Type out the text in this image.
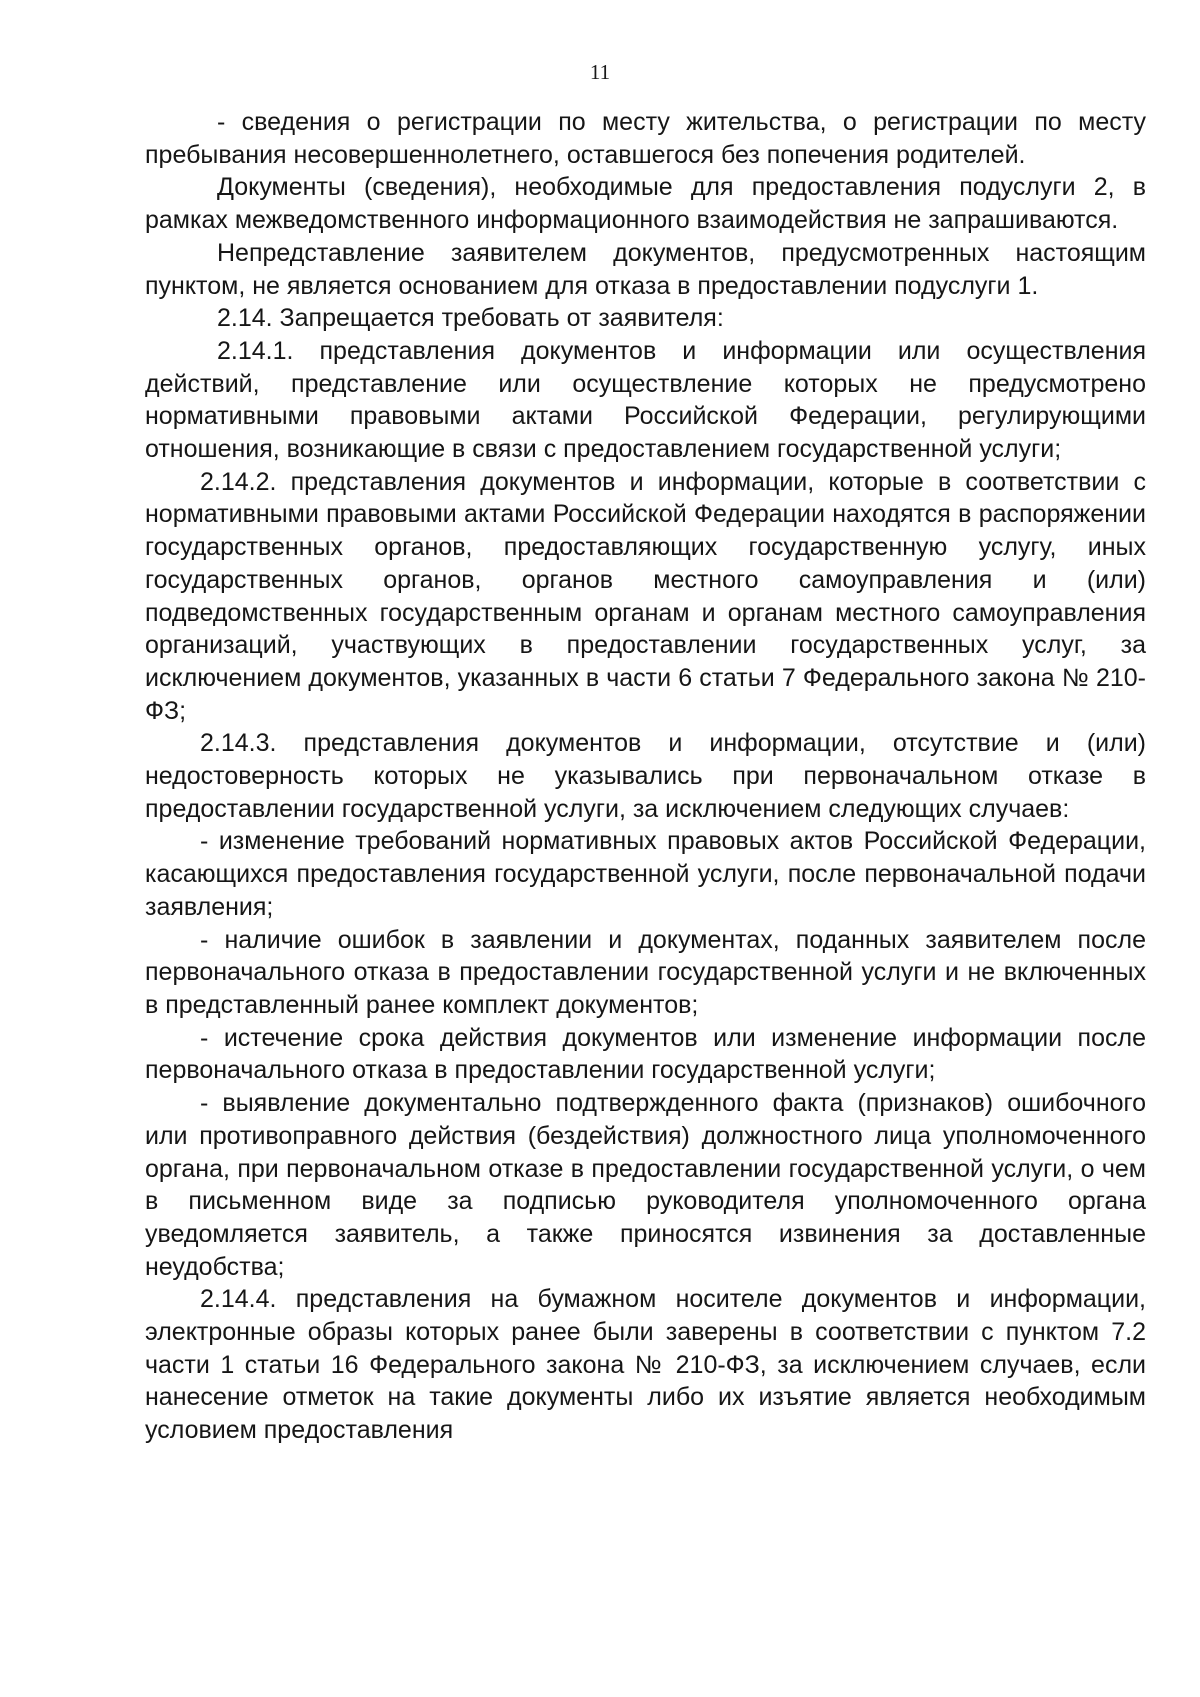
11

- сведения о регистрации по месту жительства, о регистрации по месту пребывания несовершеннолетнего, оставшегося без попечения родителей.

Документы (сведения), необходимые для предоставления подуслуги 2, в рамках межведомственного информационного взаимодействия не запрашиваются.

Непредставление заявителем документов, предусмотренных настоящим пунктом, не является основанием для отказа в предоставлении подуслуги 1.

2.14. Запрещается требовать от заявителя:

2.14.1. представления документов и информации или осуществления действий, представление или осуществление которых не предусмотрено нормативными правовыми актами Российской Федерации, регулирующими отношения, возникающие в связи с предоставлением государственной услуги;

2.14.2. представления документов и информации, которые в соответствии с нормативными правовыми актами Российской Федерации находятся в распоряжении государственных органов, предоставляющих государственную услугу, иных государственных органов, органов местного самоуправления и (или) подведомственных государственным органам и органам местного самоуправления организаций, участвующих в предоставлении государственных услуг, за исключением документов, указанных в части 6 статьи 7 Федерального закона № 210-ФЗ;

2.14.3. представления документов и информации, отсутствие и (или) недостоверность которых не указывались при первоначальном отказе в предоставлении государственной услуги, за исключением следующих случаев:

- изменение требований нормативных правовых актов Российской Федерации, касающихся предоставления государственной услуги, после первоначальной подачи заявления;

- наличие ошибок в заявлении и документах, поданных заявителем после первоначального отказа в предоставлении государственной услуги и не включенных в представленный ранее комплект документов;

- истечение срока действия документов или изменение информации после первоначального отказа в предоставлении государственной услуги;

- выявление документально подтвержденного факта (признаков) ошибочного или противоправного действия (бездействия) должностного лица уполномоченного органа, при первоначальном отказе в предоставлении государственной услуги, о чем в письменном виде за подписью руководителя уполномоченного органа уведомляется заявитель, а также приносятся извинения за доставленные неудобства;

2.14.4. представления на бумажном носителе документов и информации, электронные образы которых ранее были заверены в соответствии с пунктом 7.2 части 1 статьи 16 Федерального закона № 210-ФЗ, за исключением случаев, если нанесение отметок на такие документы либо их изъятие является необходимым условием предоставления
